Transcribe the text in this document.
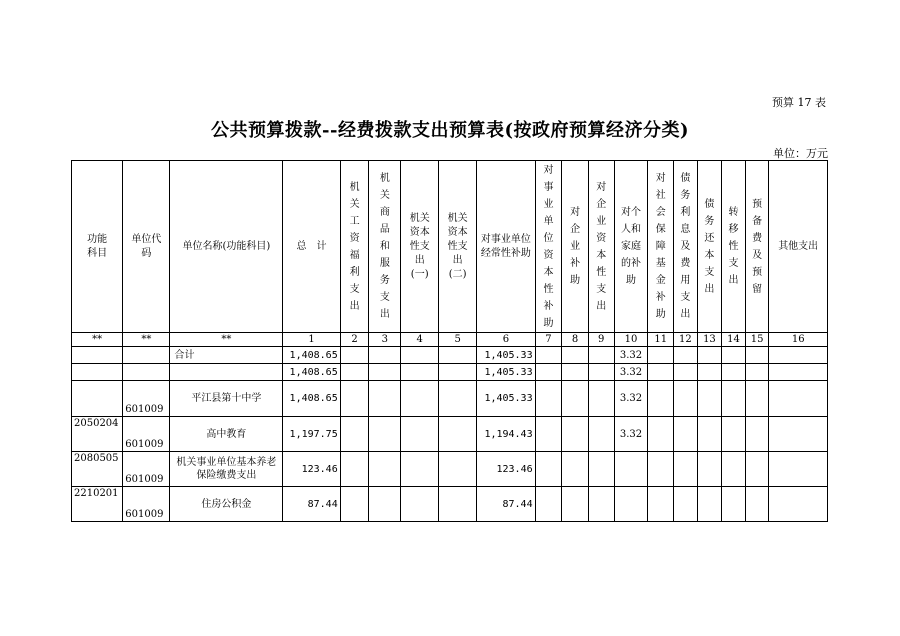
预算 17 表
公共预算拨款--经费拨款支出预算表(按政府预算经济分类)
单位：万元
功能科目	单位代码	单位名称(功能科目)	总　计	机关工资福利支出	机关商品和服务支出	机关资本性支出(一)	机关资本性支出(二)	对事业单位经常性补助	对事业单位资本性补助	对企业补助	对企业资本性支出	对个人和家庭的补助	对社会保障基金补助	债务利息及费用支出	债务还本支出	转移性支出	预备费及预留	其他支出

**	**	**	1	2	3	4	5	6	7	8	9	10	11	12	13	14	15	16
		合计	1,408.65					1,405.33				3.32						
			1,408.65					1,405.33				3.32						
	601009	平江县第十中学	1,408.65					1,405.33				3.32						
2050204	601009	高中教育	1,197.75					1,194.43				3.32						
2080505	601009	机关事业单位基本养老保险缴费支出	123.46					123.46										
2210201	601009	住房公积金	87.44					87.44										
